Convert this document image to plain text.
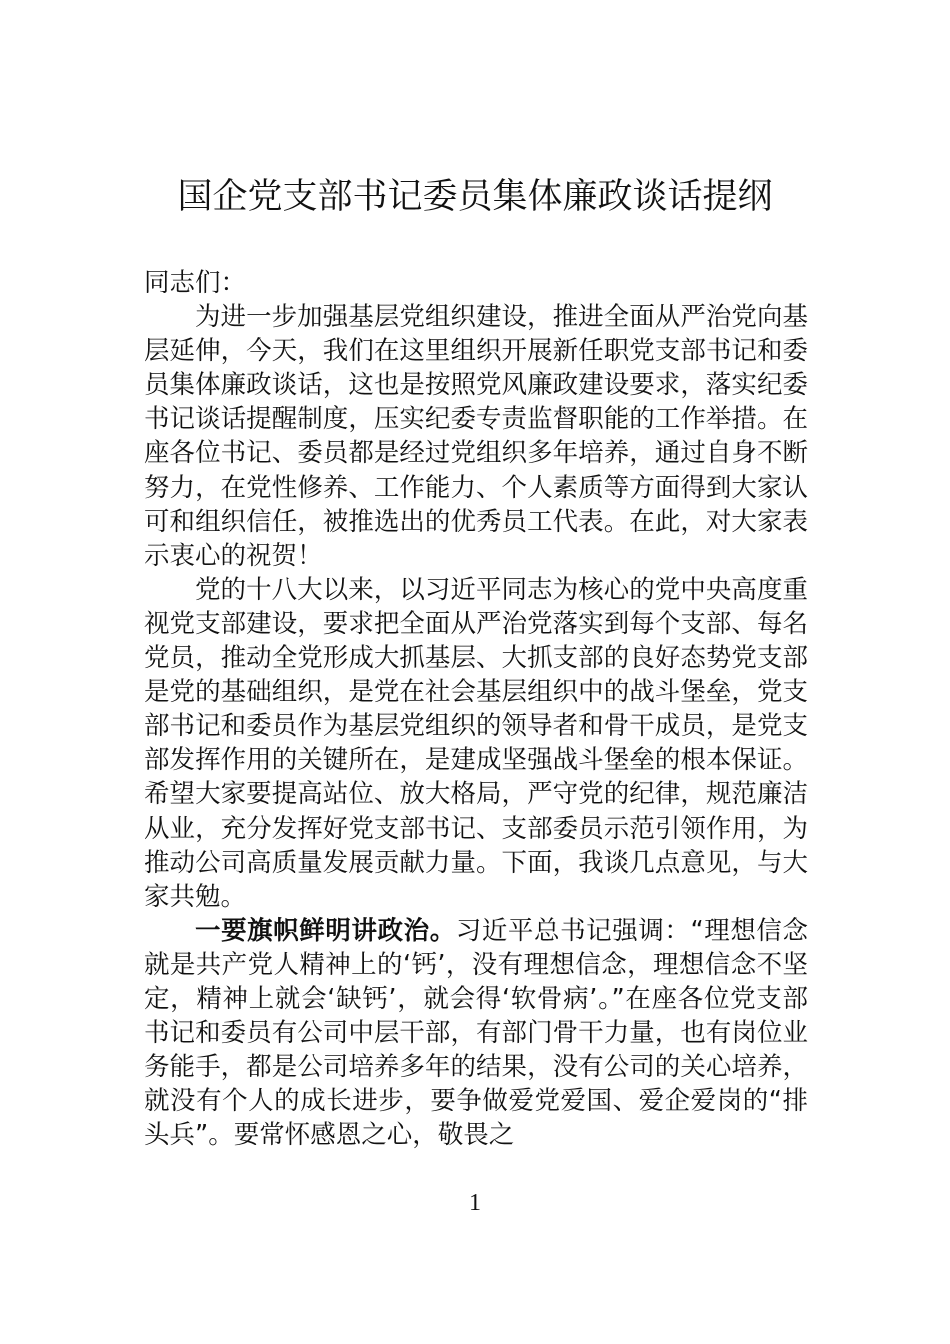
国企党支部书记委员集体廉政谈话提纲

同志们：

为进一步加强基层党组织建设，推进全面从严治党向基层延伸，今天，我们在这里组织开展新任职党支部书记和委员集体廉政谈话，这也是按照党风廉政建设要求，落实纪委书记谈话提醒制度，压实纪委专责监督职能的工作举措。在座各位书记、委员都是经过党组织多年培养，通过自身不断努力，在党性修养、工作能力、个人素质等方面得到大家认可和组织信任，被推选出的优秀员工代表。在此，对大家表示衷心的祝贺！

党的十八大以来，以习近平同志为核心的党中央高度重视党支部建设，要求把全面从严治党落实到每个支部、每名党员，推动全党形成大抓基层、大抓支部的良好态势党支部是党的基础组织，是党在社会基层组织中的战斗堡垒，党支部书记和委员作为基层党组织的领导者和骨干成员，是党支部发挥作用的关键所在，是建成坚强战斗堡垒的根本保证。希望大家要提高站位、放大格局，严守党的纪律，规范廉洁从业，充分发挥好党支部书记、支部委员示范引领作用，为推动公司高质量发展贡献力量。下面，我谈几点意见，与大家共勉。

一要旗帜鲜明讲政治。习近平总书记强调：“理想信念就是共产党人精神上的‘钙’，没有理想信念，理想信念不坚定，精神上就会‘缺钙’，就会得‘软骨病’。”在座各位党支部书记和委员有公司中层干部，有部门骨干力量，也有岗位业务能手，都是公司培养多年的结果，没有公司的关心培养，就没有个人的成长进步，要争做爱党爱国、爱企爱岗的“排头兵”。要常怀感恩之心，敬畏之

1
